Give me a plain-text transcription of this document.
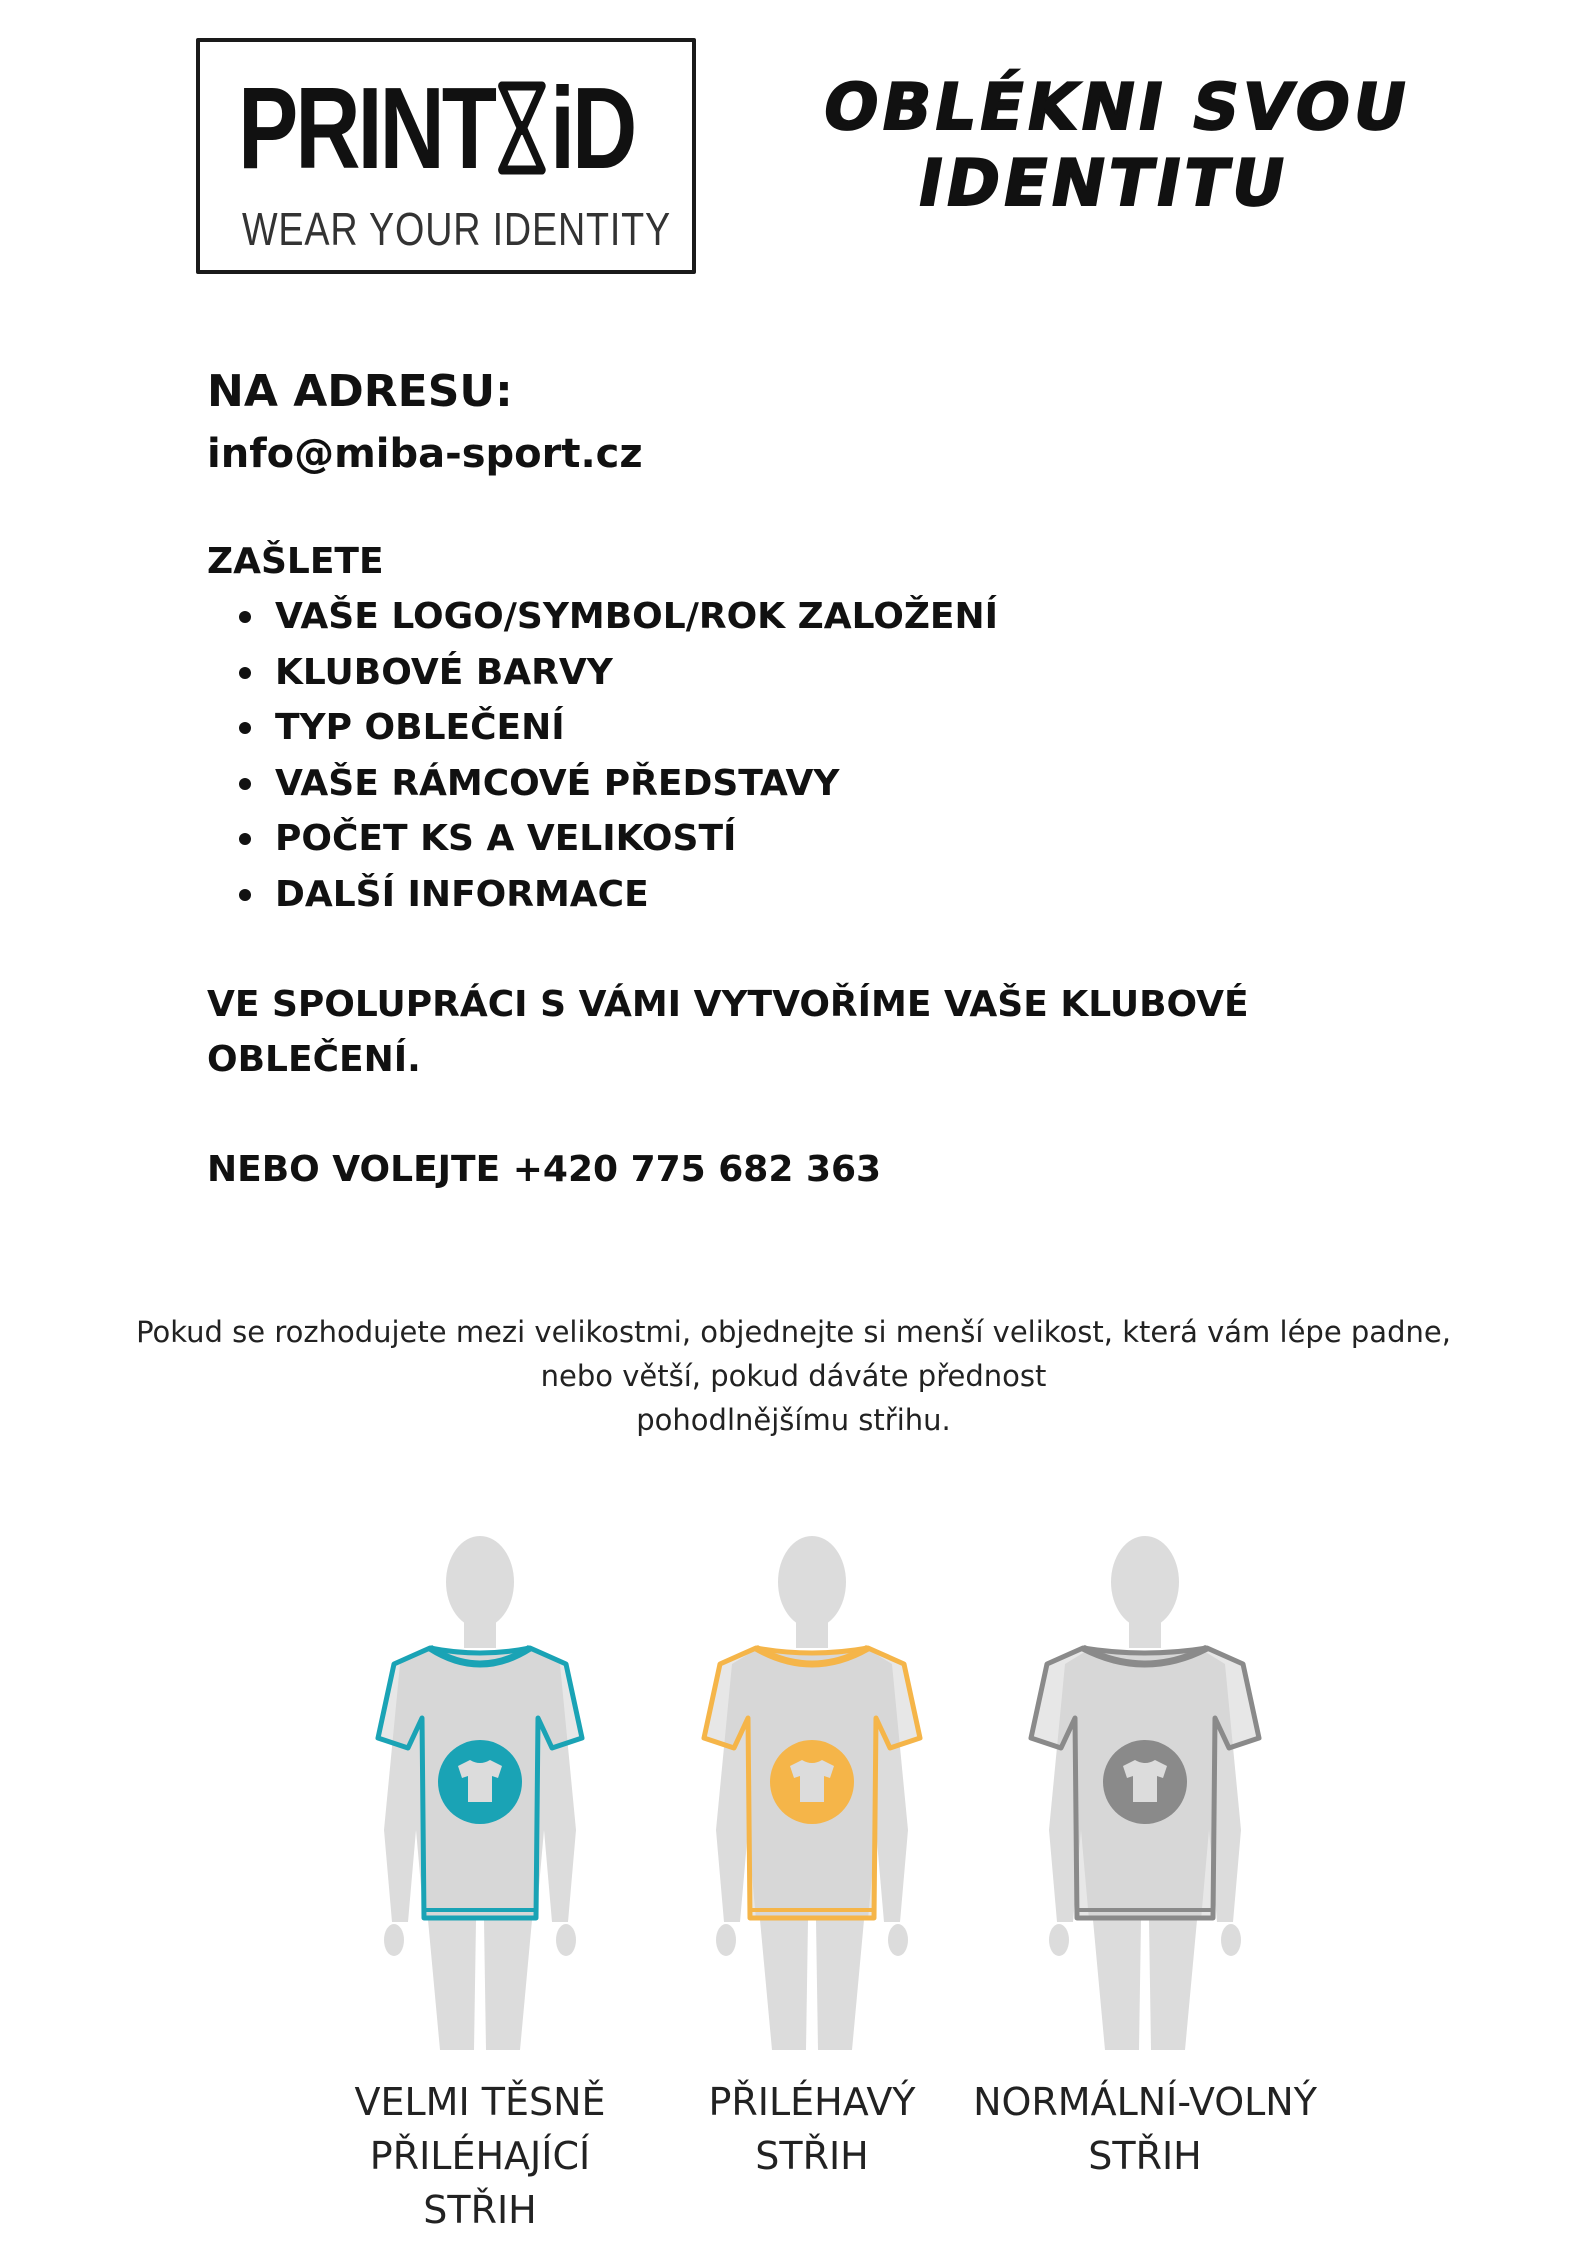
PRINT iD
WEAR YOUR IDENTITY
OBLÉKNI SVOU
IDENTITU

NA ADRESU:

info@miba-sport.cz

ZAŠLETE

VAŠE LOGO/SYMBOL/ROK ZALOŽENÍ
KLUBOVÉ BARVY
TYP OBLEČENÍ
VAŠE RÁMCOVÉ PŘEDSTAVY
POČET KS A VELIKOSTÍ
DALŠÍ INFORMACE

VE SPOLUPRÁCI S VÁMI VYTVOŘÍME VAŠE KLUBOVÉ

OBLEČENÍ.

NEBO VOLEJTE +420 775 682 363

Pokud se rozhodujete mezi velikostmi, objednejte si menší velikost, která vám lépe padne,
nebo větší, pokud dáváte přednost
pohodlnějšímu střihu.
VELMI TĚSNĚ
PŘILÉHAJÍCÍ
STŘIH
PŘILÉHAVÝ
STŘIH
NORMÁLNÍ-VOLNÝ
STŘIH
